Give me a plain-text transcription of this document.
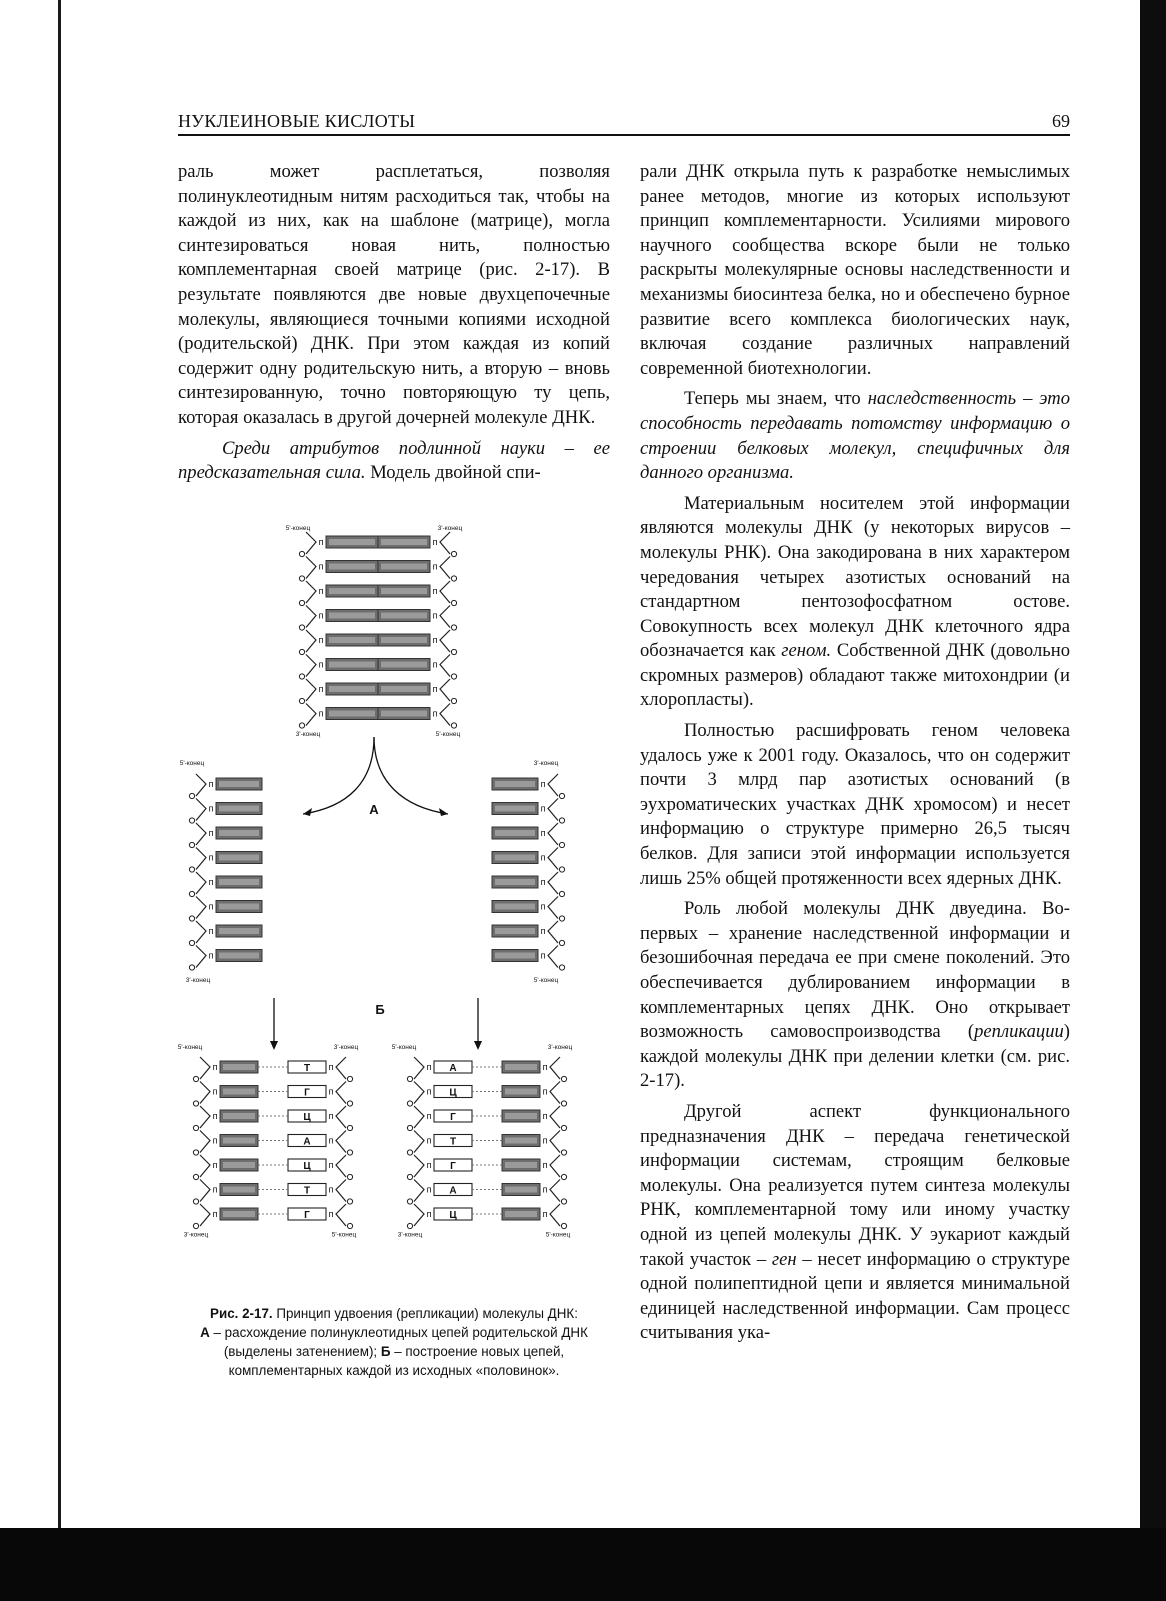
НУКЛЕИНОВЫЕ КИСЛОТЫ	69

раль может расплетаться, позволяя полинуклеотидным нитям расходиться так, чтобы на каждой из них, как на шаблоне (матрице), могла синтезироваться новая нить, полностью комплементарная своей матрице (рис. 2-17). В результате появляются две новые двухцепочечные молекулы, являющиеся точными копиями исходной (родительской) ДНК. При этом каждая из копий содержит одну родительскую нить, а вторую – вновь синтезированную, точно повторяющую ту цепь, которая оказалась в другой дочерней молекуле ДНК.

Среди атрибутов подлинной науки – ее предсказательная сила. Модель двойной спи-

5'-конец	3'-конец
п
п
п
п
п
п
п
п
п
п
п
п
п
п
п
п
3'-конец	5'-конец
А
5'-конец
п
п
п
п
п
п
п
п
3'-конец
3'-конец
п
п
п
п
п
п
п
п
5'-конец
Б
5'-конец	3'-конец
п
п
п
п
п
п
п
п
Т
п
Г
п
Ц
п
А
п
Ц
п
Т
п
Г
3'-конец	5'-конец
5'-конец	3'-конец
п А
п Ц
п Г
п Т
п Г
п А
п Ц
п
п
п
п
п
п
п
3'-конец	5'-конец
Рис. 2-17. Принцип удвоения (репликации) молекулы ДНК:
А – расхождение полинуклеотидных цепей родительской ДНК (выделены затенением); Б – построение новых цепей, комплементарных каждой из исходных «половинок».

рали ДНК открыла путь к разработке немыслимых ранее методов, многие из которых используют принцип комплементарности. Усилиями мирового научного сообщества вскоре были не только раскрыты молекулярные основы наследственности и механизмы биосинтеза белка, но и обеспечено бурное развитие всего комплекса биологических наук, включая создание различных направлений современной биотехнологии.

Теперь мы знаем, что наследственность – это способность передавать потомству информацию о строении белковых молекул, специфичных для данного организма.

Материальным носителем этой информации являются молекулы ДНК (у некоторых вирусов – молекулы РНК). Она закодирована в них характером чередования четырех азотистых оснований на стандартном пентозофосфатном остове. Совокупность всех молекул ДНК клеточного ядра обозначается как геном. Собственной ДНК (довольно скромных размеров) обладают также митохондрии (и хлоропласты).

Полностью расшифровать геном человека удалось уже к 2001 году. Оказалось, что он содержит почти 3 млрд пар азотистых оснований (в эухроматических участках ДНК хромосом) и несет информацию о структуре примерно 26,5 тысяч белков. Для записи этой информации используется лишь 25% общей протяженности всех ядерных ДНК.

Роль любой молекулы ДНК двуедина. Во-первых – хранение наследственной информации и безошибочная передача ее при смене поколений. Это обеспечивается дублированием информации в комплементарных цепях ДНК. Оно открывает возможность самовоспроизводства (репликации) каждой молекулы ДНК при делении клетки (см. рис. 2-17).

Другой аспект функционального предназначения ДНК – передача генетической информации системам, строящим белковые молекулы. Она реализуется путем синтеза молекулы РНК, комплементарной тому или иному участку одной из цепей молекулы ДНК. У эукариот каждый такой участок – ген – несет информацию о структуре одной полипептидной цепи и является минимальной единицей наследственной информации. Сам процесс считывания ука-
